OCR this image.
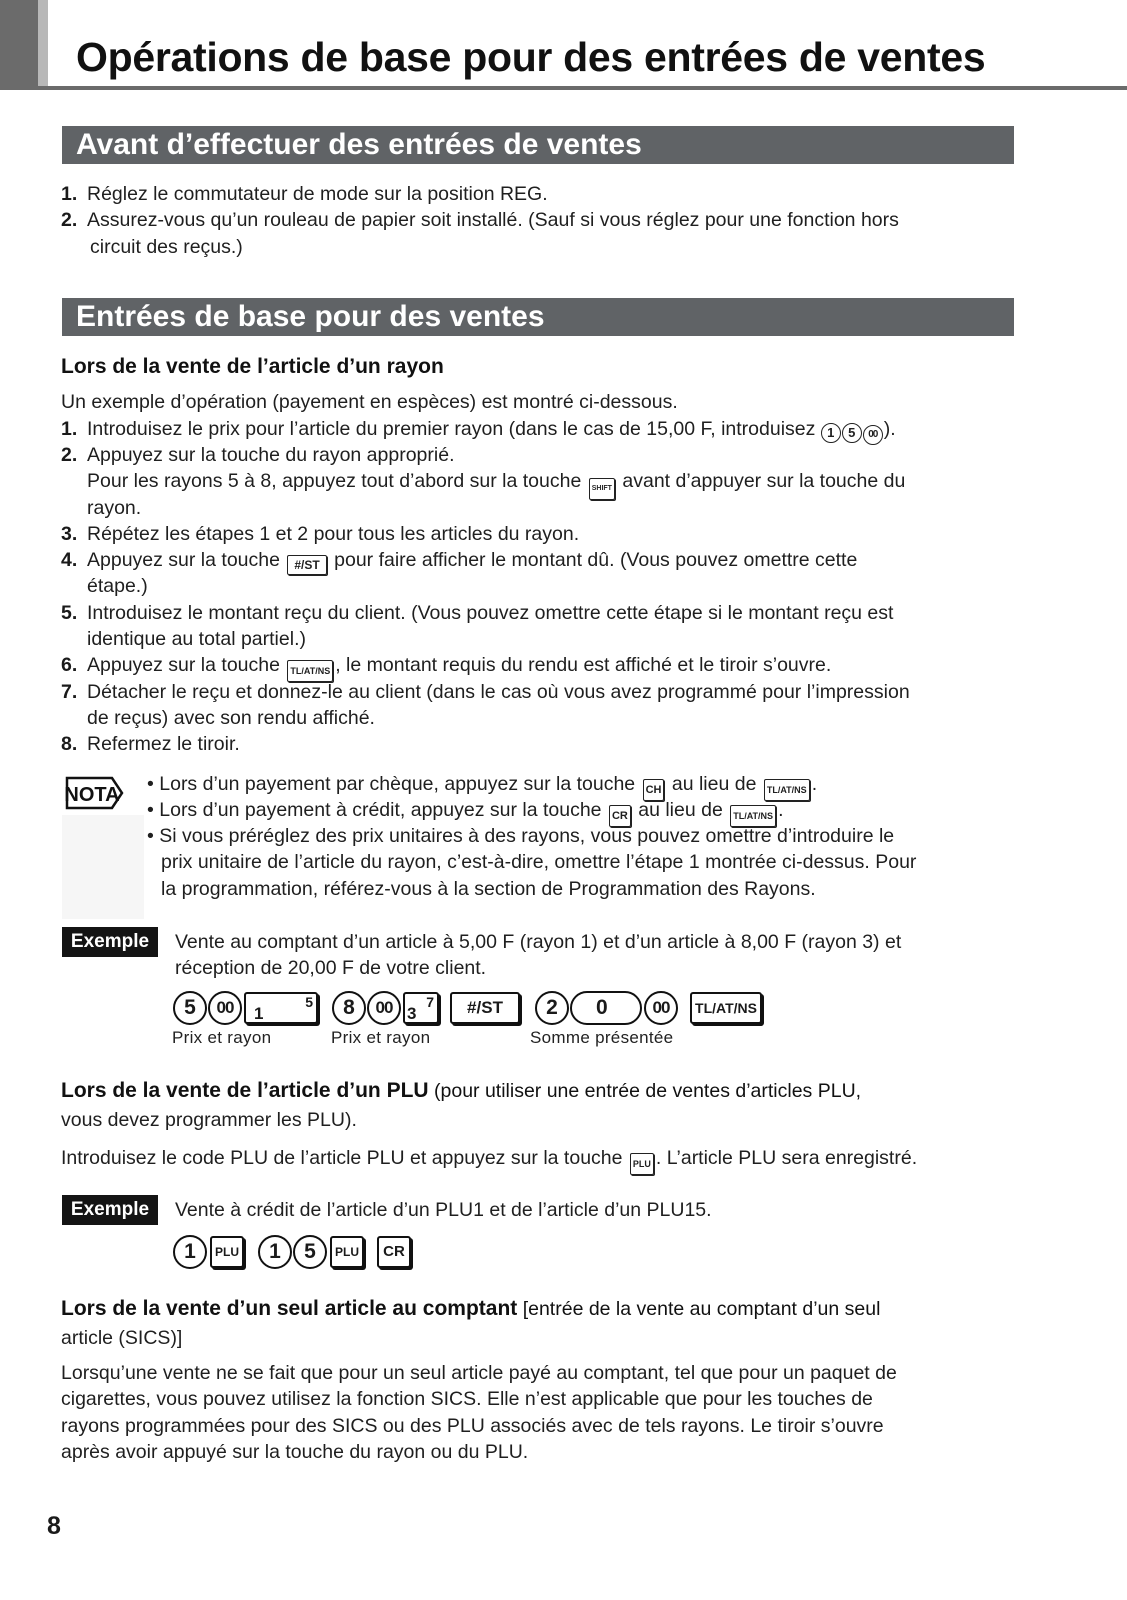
Opérations de base pour des entrées de ventes
Avant d’effectuer des entrées de ventes
1. Réglez le commutateur de mode sur la position REG.
2. Assurez-vous qu’un rouleau de papier soit installé. (Sauf si vous réglez pour une fonction hors
circuit des reçus.)
Entrées de base pour des ventes
Lors de la vente de l’article d’un rayon
Un exemple d’opération (payement en espèces) est montré ci-dessous.
1. Introduisez le prix pour l’article du premier rayon (dans le cas de 15,00 F, introduisez 1 5 00 ).
2. Appuyez sur la touche du rayon approprié.
Pour les rayons 5 à 8, appuyez tout d’abord sur la touche SHIFT avant d’appuyer sur la touche du
rayon.
3. Répétez les étapes 1 et 2 pour tous les articles du rayon.
4. Appuyez sur la touche #/ST pour faire afficher le montant dû. (Vous pouvez omettre cette
étape.)
5. Introduisez le montant reçu du client. (Vous pouvez omettre cette étape si le montant reçu est
identique au total partiel.)
6. Appuyez sur la touche TL/AT/NS , le montant requis du rendu est affiché et le tiroir s’ouvre.
7. Détacher le reçu et donnez-le au client (dans le cas où vous avez programmé pour l’impression
de reçus) avec son rendu affiché.
8. Refermez le tiroir.
NOTA • Lors d’un payement par chèque, appuyez sur la touche CH au lieu de TL/AT/NS .
• Lors d’un payement à crédit, appuyez sur la touche CR au lieu de TL/AT/NS .
• Si vous préréglez des prix unitaires à des rayons, vous pouvez omettre d’introduire le
prix unitaire de l’article du rayon, c’est-à-dire, omettre l’étape 1 montrée ci-dessus. Pour
la programmation, référez-vous à la section de Programmation des Rayons.
Exemple	Vente au comptant d’un article à 5,00 F (rayon 1) et d’un article à 8,00 F (rayon 3) et
réception de 20,00 F de votre client.
5	00	1
5	8	00 3
7	#/ST	2	0	00	TL/AT/NS
Prix et rayon	Prix et rayon	Somme présentée
Lors de la vente de l’article d’un PLU (pour utiliser une entrée de ventes d’articles PLU,
vous devez programmer les PLU).
Introduisez le code PLU de l’article PLU et appuyez sur la touche PLU . L’article PLU sera enregistré.
Exemple	Vente à crédit de l’article d’un PLU1 et de l’article d’un PLU15.
1	PLU	1	5	PLU	CR
Lors de la vente d’un seul article au comptant [entrée de la vente au comptant d’un seul
article (SICS)]
Lorsqu’une vente ne se fait que pour un seul article payé au comptant, tel que pour un paquet de
cigarettes, vous pouvez utilisez la fonction SICS. Elle n’est applicable que pour les touches de
rayons programmées pour des SICS ou des PLU associés avec de tels rayons. Le tiroir s’ouvre
après avoir appuyé sur la touche du rayon ou du PLU.
8
